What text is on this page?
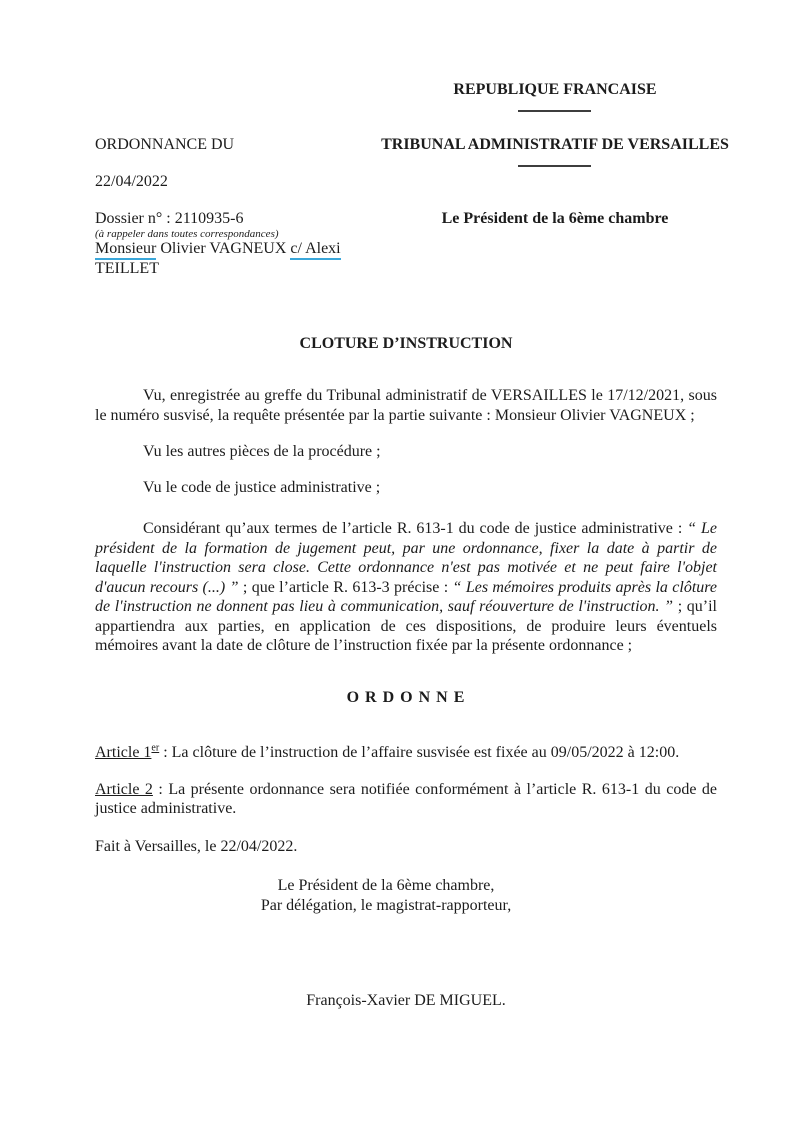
REPUBLIQUE FRANCAISE
ORDONNANCE DU	TRIBUNAL ADMINISTRATIF DE VERSAILLES
22/04/2022
Dossier n° : 2110935-6	Le Président de la 6ème chambre
(à rappeler dans toutes correspondances)
Monsieur Olivier VAGNEUX c/ Alexi TEILLET
CLOTURE D’INSTRUCTION

Vu, enregistrée au greffe du Tribunal administratif de VERSAILLES le 17/12/2021, sous le numéro susvisé, la requête présentée par la partie suivante : Monsieur Olivier VAGNEUX ;

Vu les autres pièces de la procédure ;

Vu le code de justice administrative ;

Considérant qu’aux termes de l’article R. 613-1 du code de justice administrative : “ Le président de la formation de jugement peut, par une ordonnance, fixer la date à partir de laquelle l'instruction sera close. Cette ordonnance n'est pas motivée et ne peut faire l'objet d'aucun recours (...) ” ; que l’article R. 613-3 précise : “ Les mémoires produits après la clôture de l'instruction ne donnent pas lieu à communication, sauf réouverture de l'instruction. ” ; qu’il appartiendra aux parties, en application de ces dispositions, de produire leurs éventuels mémoires avant la date de clôture de l’instruction fixée par la présente ordonnance ;

O R D O N N E

Article 1er : La clôture de l’instruction de l’affaire susvisée est fixée au 09/05/2022 à 12:00.

Article 2 : La présente ordonnance sera notifiée conformément à l’article R. 613-1 du code de justice administrative.

Fait à Versailles, le 22/04/2022.

Le Président de la 6ème chambre,

Par délégation, le magistrat-rapporteur,

François-Xavier DE MIGUEL.
